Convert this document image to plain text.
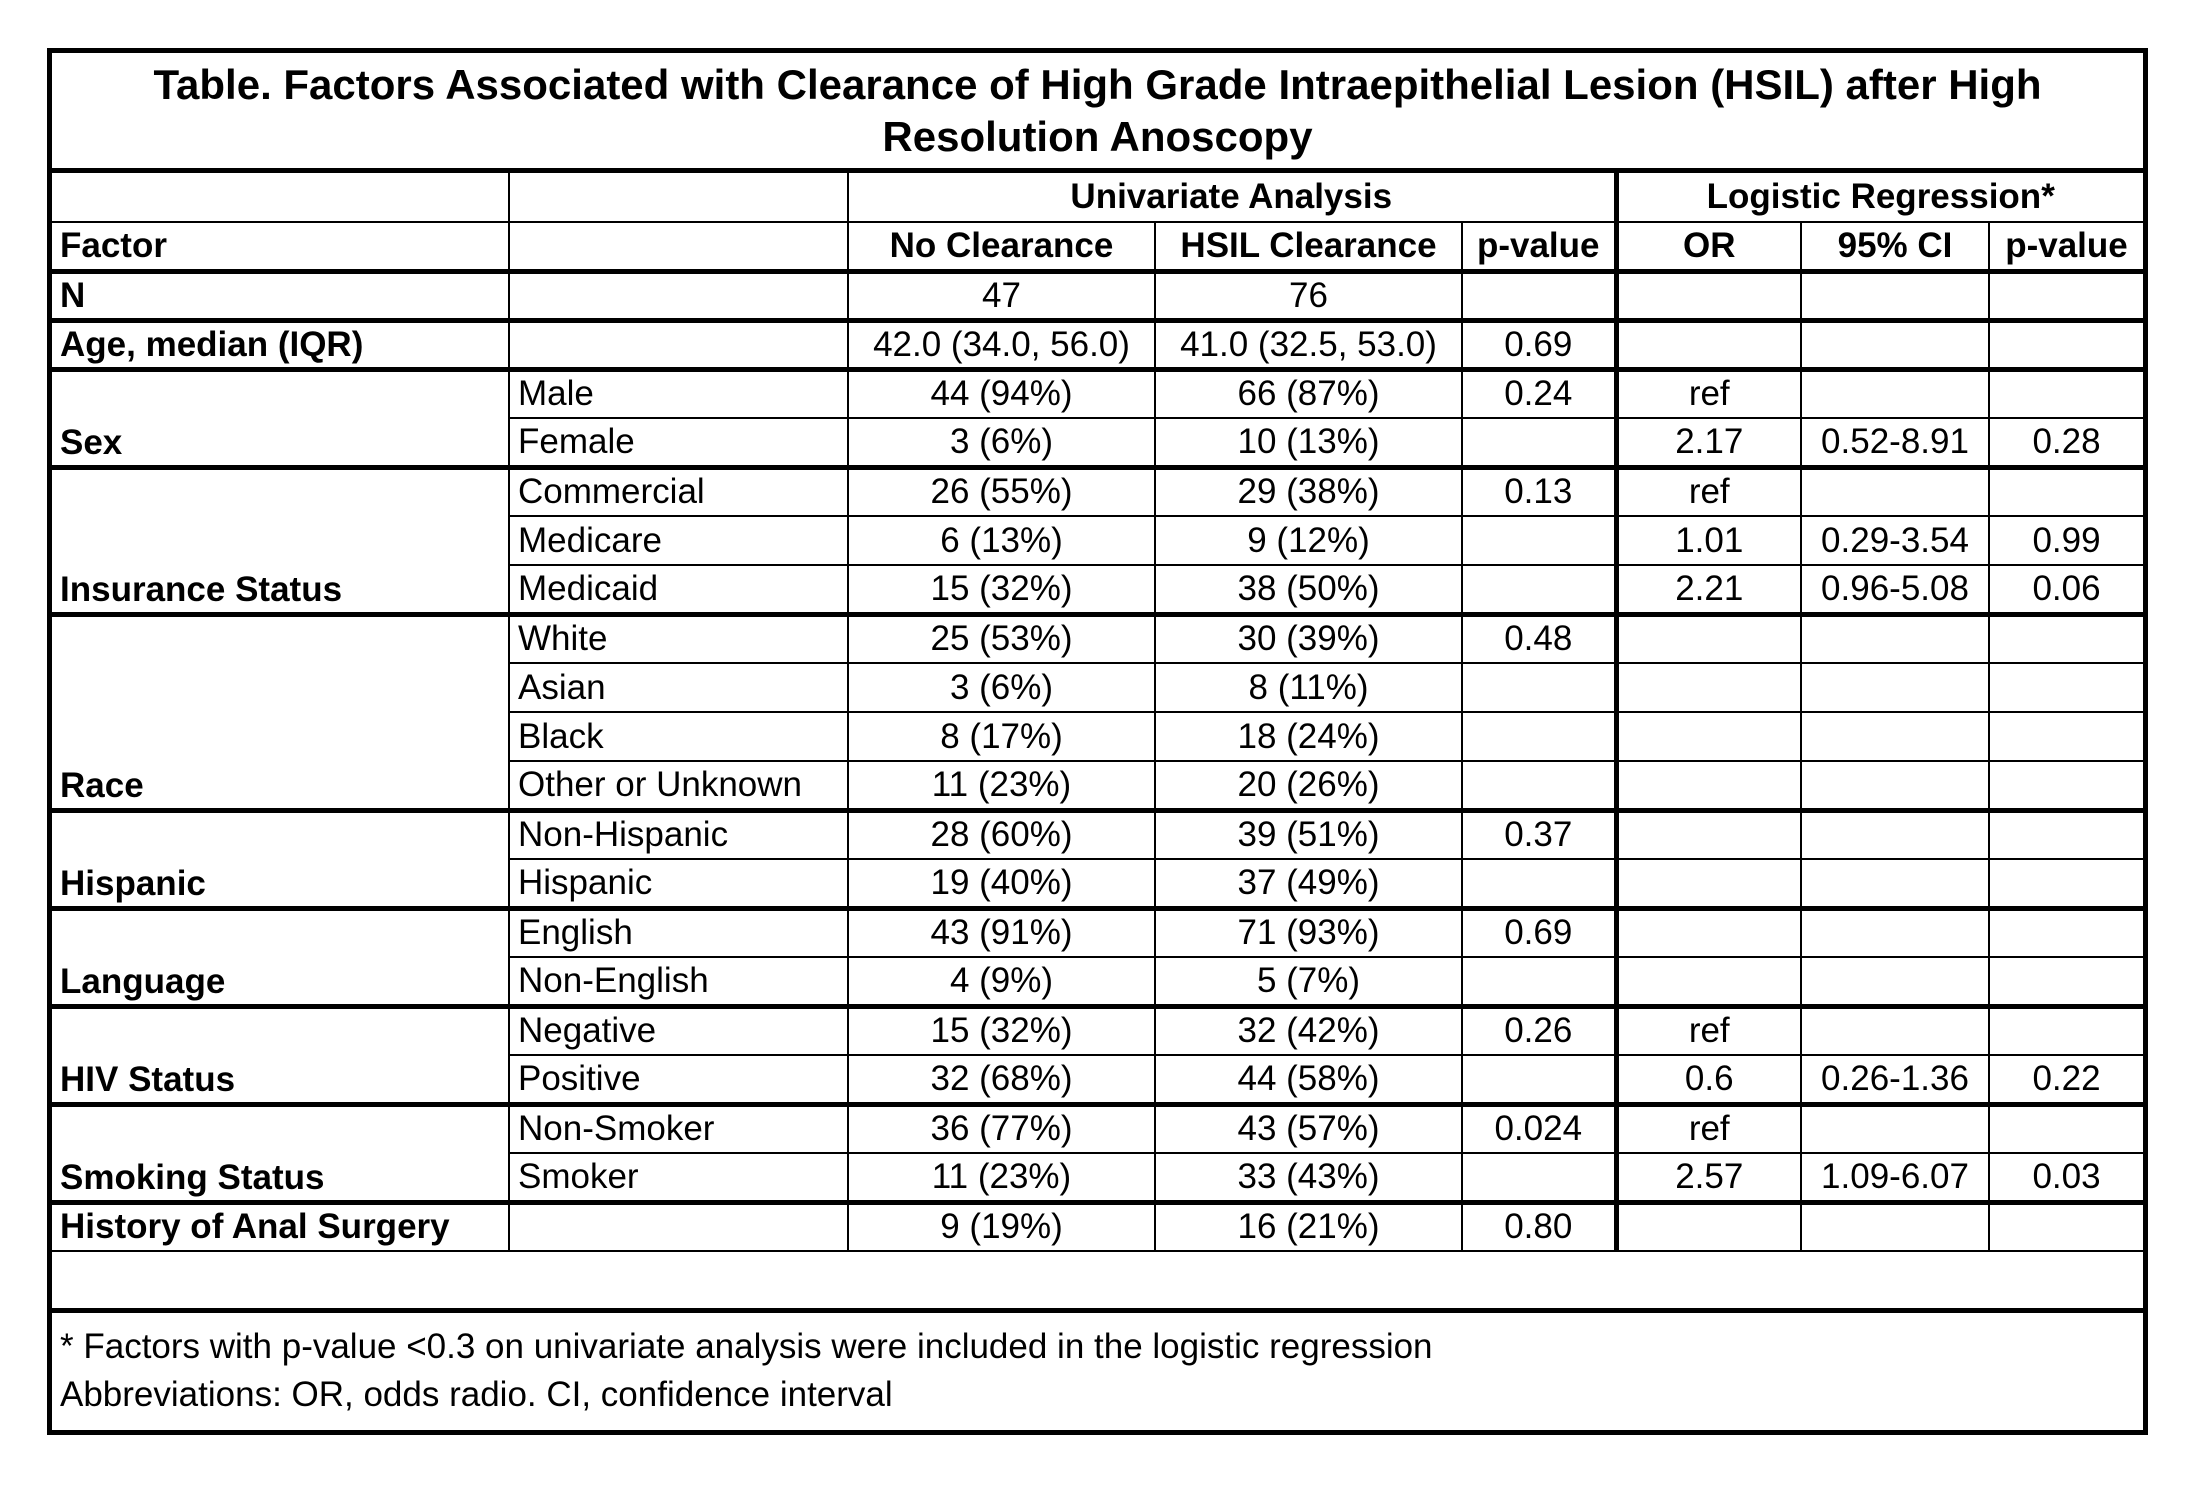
Table. Factors Associated with Clearance of High Grade Intraepithelial Lesion (HSIL) after High Resolution Anoscopy
		Univariate Analysis			Logistic Regression*		
Factor		No Clearance	HSIL Clearance	p-value	OR	95% CI	p-value
N		47	76				
Age, median (IQR)		42.0 (34.0, 56.0)	41.0 (32.5, 53.0)	0.69			
Sex	Male	44 (94%)	66 (87%)	0.24	ref		
	Female	3 (6%)	10 (13%)		2.17	0.52-8.91	0.28
Insurance Status	Commercial	26 (55%)	29 (38%)	0.13	ref		
	Medicare	6 (13%)	9 (12%)		1.01	0.29-3.54	0.99
	Medicaid	15 (32%)	38 (50%)		2.21	0.96-5.08	0.06
Race	White	25 (53%)	30 (39%)	0.48			
	Asian	3 (6%)	8 (11%)				
	Black	8 (17%)	18 (24%)				
	Other or Unknown	11 (23%)	20 (26%)				
Hispanic	Non-Hispanic	28 (60%)	39 (51%)	0.37			
	Hispanic	19 (40%)	37 (49%)				
Language	English	43 (91%)	71 (93%)	0.69			
	Non-English	4 (9%)	5 (7%)				
HIV Status	Negative	15 (32%)	32 (42%)	0.26	ref		
	Positive	32 (68%)	44 (58%)		0.6	0.26-1.36	0.22
Smoking Status	Non-Smoker	36 (77%)	43 (57%)	0.024	ref		
	Smoker	11 (23%)	33 (43%)		2.57	1.09-6.07	0.03
History of Anal Surgery		9 (19%)	16 (21%)	0.80			
* Factors with p-value <0.3 on univariate analysis were included in the logistic regression
Abbreviations: OR, odds radio. CI, confidence interval
